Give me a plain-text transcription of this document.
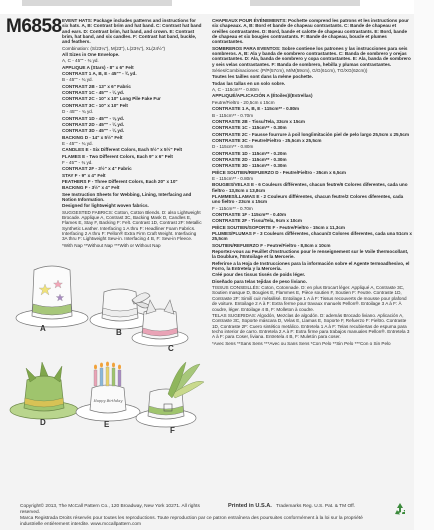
M6858 EVENT HATS: Package includes patterns and instructions for six hats. A, B: Contrast brim and hat band. C: Contrast hat band and ears. D: Contrast brim, hat band, and crown. E: Contrast brim, hat band, and six candles. F: Contrast hat band, buckle, and feathers.

Combination: (S/23¼"), M(23"), L(23¾"), XL(24½")

All Sizes in One Envelope.

A, C - 45"" - ¾ yd.

APPLIQUE A (Stars) - 8" x 6" Felt

CONTRAST 1 A, B, E - 45"" - ¾ yd.

B - 45"" - ¾ yd.

CONTRAST 2B - 13" x 6" Fabric

CONTRAST 1C - 45"" - ¼ yd.

CONTRAST 2C - 10" x 10" Long Pile Fake Fur

CONTRAST 3C - 10" x 10" Felt

D - 45"" - ¾ yd.

CONTRAST 1D - 45"" - ⅛ yd.

CONTRAST 2D - 45"" - ¼ yd.

CONTRAST 3D - 45"" - ¼ yd.

BACKING D - 14" x 5½" Felt

E - 45"" - ¾ yd.

CANDLES E - Six Different Colors, Each 5½" x 5½" Felt

FLAMES E - Two Different Colors, Each 9" x 6" Felt

F - 45"" - ¾ yd.

CONTRAST 2F - 3½" x 4" Fabric

STAY F - 9" x 4" Felt

FEATHERS F - Three Different Colors, Each 20" x 10"

BACKING F - 3½" x 4" Felt

See Instruction Sheets for Webbing, Lining, Interfacing and Notion Information.

Designed for lightweight woven fabrics.

SUGGESTED FABRICS: Cotton, Cotton Blends. D: also Lightweight Brocade. Applique A, Contrast 3C, Backing Mask D, Candles E, Flames E, Stay F, Backing F: Felt. Contrast 1D, Contrast 2F: Metallic Synthetic Leather. Interfacing 1 A thru F: Headliner Foam Fabrics. Interfacing 2 A thru F: Pellon® Extra Firm Craft Weight. Interfacing 3A thru F: Lightweight Sew-in. Interfacing 4 B, F: Sew-in Fleece.

*With Nap **Without Nap ***With or Without Nap

CHAPEAUX POUR ÉVÉNEMENTS: Pochette comprend les patrons et les instructions pour six chapeaux. A, B: Bord et bande de chapeau contrastants. C: Bande de chapeau et oreilles contrastantes. D: Bord, bande et calotte de chapeau contrastants. E: Bord, bande de chapeau et six bougies contrastants. F: Bande de chapeau, boucle et plumes contrastantes.

SOMBREROS PARA EVENTOS: Sobre contiene los patrones y las instrucciones para seis sombreros. A, B: Ala y banda de sombrero contrastantes. C: Banda de sombrero y orejas contrastantes. D: Ala, banda de sombrero y copa contrastantes. E: Ala, banda de sombrero y seis velas contrastantes. F: Banda de sombrero, hebilla y plumas contrastantes.

Séries/Combinaciones: (P/P(57cm), M/M(59cm), G/G(61cm), TG/XG(62cm))

Toutes les tailles sont dans la même pochette.

Todas las tallas en un solo sobre.

A, C - 115cm** - 0.80m

APPLIQUÉ/APLICACIÓN A (Étoiles)/(Estrellas)

Feutre/Fieltro - 20,5cm x 15cm

CONTRASTE 1 A, B, E - 115cm** - 0.80m

B - 115cm** - 0.70m

CONTRASTE 2B - Tissu/Tela, 33cm x 15cm

CONTRASTE 1C - 115cm** - 0.30m

CONTRASTE 2C - Fausse fourrure à poil long/imitación piel de pelo largo 25,5cm x 25,5cm

CONTRASTE 3C - Feutre/Fieltro - 25,5cm x 25,5cm

D - 115cm** - 0.80m

CONTRASTE 1D - 115cm** - 0.20m

CONTRASTE 2D - 115cm** - 0.30m

CONTRASTE 3D - 115cm** - 0.30m

PIÈCE SOUTIEN/REFUERZO D - Feutre/Fieltro - 35cm x 6,5cm

E - 115cm** - 0.80m

BOUGIES/VELAS E - 6 Couleurs différentes, chacun feutre/6 Colores diferentes, cada uno fieltro - 13,8cm x 13,8cm

FLAMMES/LLAMAS E - 2 Couleurs différentes, chacun feutre/2 Colores diferentes, cada uno fieltro - 23cm x 15cm

F - 115cm** - 0.70m

CONTRASTE 1F - 115cm** - 0.40m

CONTRASTE 2F - Tissu/Tela, 9cm x 10cm

PIÈCE SOUTIEN/SOPORTE F - Feutre/Fieltro - 15cm x 11,3cm

PLUMES/PLUMAS F - 3 Couleurs différentes, chacun/3 Colores diferentes, cada una 51cm x 25,5cm

SOUTIEN/REFUERZO F - Feutre/Fieltro - 8,8cm x 10cm

Reportez-vous au Feuillet d'Instructions pour le renseignement sur le Voile thermocollant, la Doublure, l'Entoilage et la Mercerie.

Referirse a la Hoja de Instrucciones para la información sobre el Agente termoadhesivo, el Forro, la Entretela y la Mercería.

Créé pour des tissus tissés de poids léger.

Diseñado para telas tejidas de peso liviano.

TISSUS CONSEILLÉS: Coton, Cotonnade. D: en plus Brocart léger. Appliqué A, Contraste 3C, Soutien masque D, Bougies E, Flammes E, Pièce soutien F, Soutien F: Feutre. Contraste 1D, Contraste 2F: Similí cuir métallisé. Entoilage 1 A à F: Tissus recouverts de mousse pour plafond de voiture. Entoilage 2 A à F: Extra ferme pour travaux manuels Pellon®. Entoilage 3 A à F: À coudre, léger. Entoilage 4 B, F: Molleton à coudre.

TELAS SUGERIDAS: Algodón, Mezclas de algodón. D: además Brocado liviano. Aplicación A, Contraste 3C, Soporte máscara D, Velas E, Llamas E, Soporte F, Refuerzo F: Fieltro. Contraste 1D, Contraste 2F: Cuero sintético metálico. Entretela 1 A à F: Telas recubiertas de espuma para techo interior de carro. Entretela 2 A à F: Extra firme para trabajos manuales Pellon®. Entretela 3 A à F: para Coser, liviana. Entretela 4 B, F: Muletón para coser.

*Avec Sens **Sans Sens ***Avec ou Sans Sens *Con Pelo **Sin Pelo ***Con o Sin Pelo

Happy Birthday
A	B
C
D	E
F
Copyright© 2013, The McCall Pattern Co., 120 Broadway, New York 10271. All rights reserved.
Printed in U.S.A. Trademarks Reg. U.S. Pat. & TM Off.
Marca Registrada Droits réservés pour toutes les reproductions. Toute reproduction par ce patron entraînera des poursuites conformément à la loi sur la propriété industrielle entièrement interdite. www.mccallpattern.com
